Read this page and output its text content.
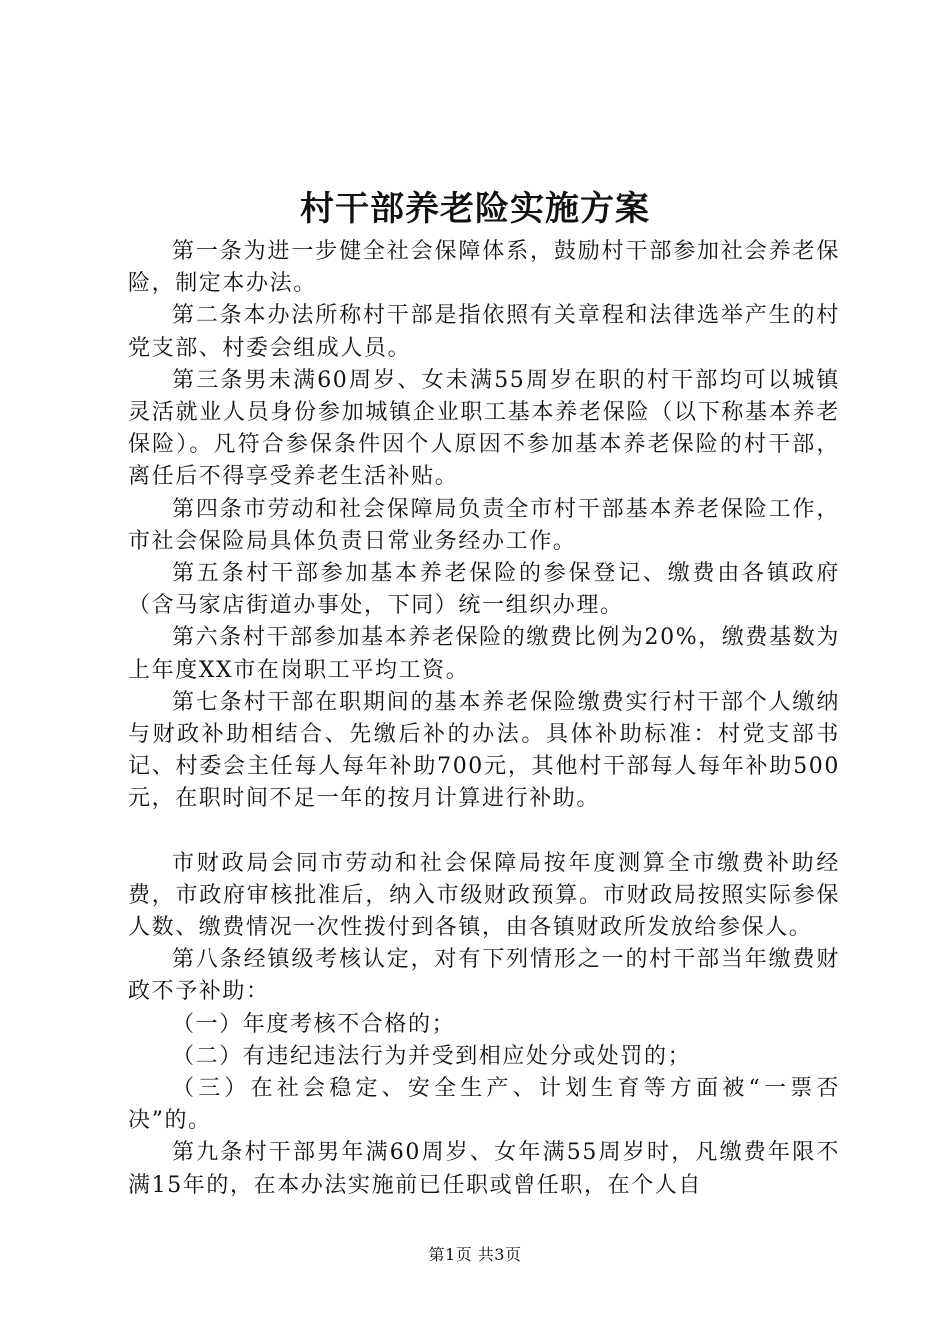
村干部养老险实施方案

第一条为进一步健全社会保障体系，鼓励村干部参加社会养老保险，制定本办法。

第二条本办法所称村干部是指依照有关章程和法律选举产生的村党支部、村委会组成人员。

第三条男未满60周岁、女未满55周岁在职的村干部均可以城镇灵活就业人员身份参加城镇企业职工基本养老保险（以下称基本养老保险）。凡符合参保条件因个人原因不参加基本养老保险的村干部，离任后不得享受养老生活补贴。

第四条市劳动和社会保障局负责全市村干部基本养老保险工作，市社会保险局具体负责日常业务经办工作。

第五条村干部参加基本养老保险的参保登记、缴费由各镇政府（含马家店街道办事处，下同）统一组织办理。

第六条村干部参加基本养老保险的缴费比例为20%，缴费基数为上年度XX市在岗职工平均工资。

第七条村干部在职期间的基本养老保险缴费实行村干部个人缴纳与财政补助相结合、先缴后补的办法。具体补助标准：村党支部书记、村委会主任每人每年补助700元，其他村干部每人每年补助500元，在职时间不足一年的按月计算进行补助。

市财政局会同市劳动和社会保障局按年度测算全市缴费补助经费，市政府审核批准后，纳入市级财政预算。市财政局按照实际参保人数、缴费情况一次性拨付到各镇，由各镇财政所发放给参保人。

第八条经镇级考核认定，对有下列情形之一的村干部当年缴费财政不予补助：

（一）年度考核不合格的；

（二）有违纪违法行为并受到相应处分或处罚的；

（三）在社会稳定、安全生产、计划生育等方面被“一票否决”的。

第九条村干部男年满60周岁、女年满55周岁时，凡缴费年限不满15年的，在本办法实施前已任职或曾任职，在个人自

第1页 共3页
